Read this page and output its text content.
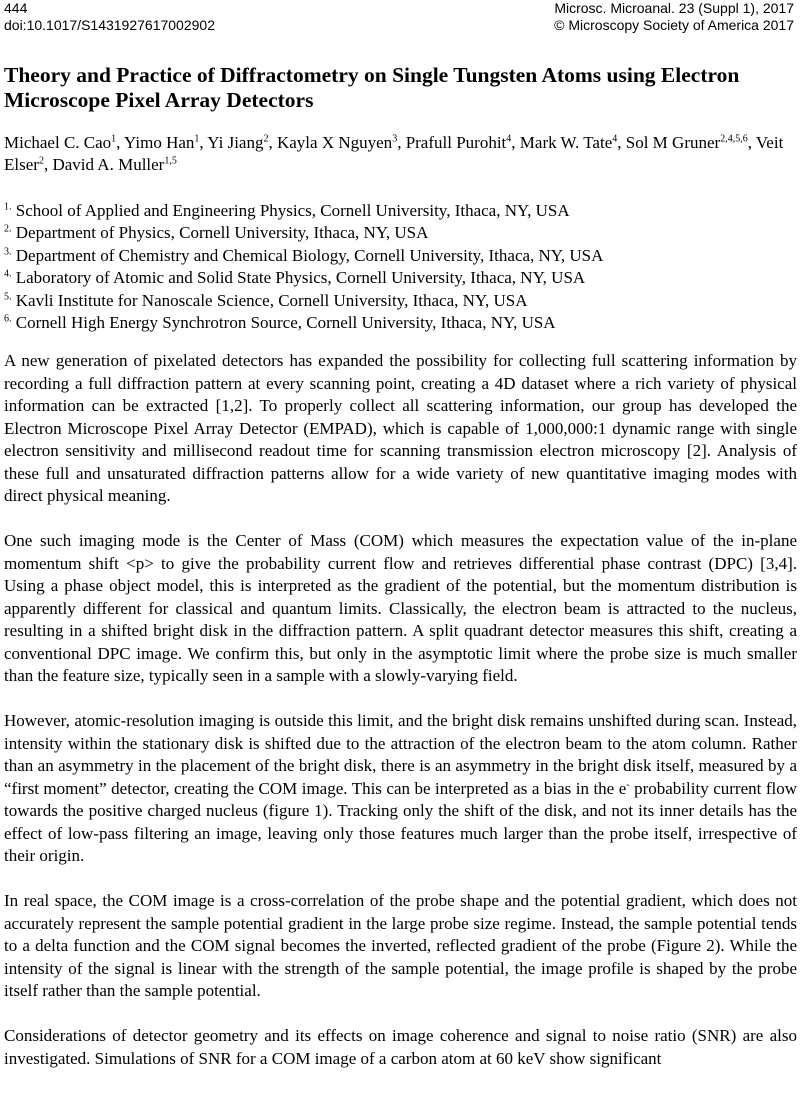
444
doi:10.1017/S1431927617002902
Microsc. Microanal. 23 (Suppl 1), 2017
© Microscopy Society of America 2017
Theory and Practice of Diffractometry on Single Tungsten Atoms using Electron Microscope Pixel Array Detectors
Michael C. Cao$^1$, Yimo Han$^1$, Yi Jiang$^2$, Kayla X Nguyen$^3$, Prafull Purohit$^4$, Mark W. Tate$^4$, Sol M Gruner$^{2,4,5,6}$, Veit Elser$^2$, David A. Muller$^{1,5}$
$^{1.}$ School of Applied and Engineering Physics, Cornell University, Ithaca, NY, USA
$^{2.}$ Department of Physics, Cornell University, Ithaca, NY, USA
$^{3.}$ Department of Chemistry and Chemical Biology, Cornell University, Ithaca, NY, USA
$^{4.}$ Laboratory of Atomic and Solid State Physics, Cornell University, Ithaca, NY, USA
$^{5.}$ Kavli Institute for Nanoscale Science, Cornell University, Ithaca, NY, USA
$^{6.}$ Cornell High Energy Synchrotron Source, Cornell University, Ithaca, NY, USA

A new generation of pixelated detectors has expanded the possibility for collecting full scattering information by recording a full diffraction pattern at every scanning point, creating a 4D dataset where a rich variety of physical information can be extracted [1,2]. To properly collect all scattering information, our group has developed the Electron Microscope Pixel Array Detector (EMPAD), which is capable of 1,000,000:1 dynamic range with single electron sensitivity and millisecond readout time for scanning transmission electron microscopy [2]. Analysis of these full and unsaturated diffraction patterns allow for a wide variety of new quantitative imaging modes with direct physical meaning.

One such imaging mode is the Center of Mass (COM) which measures the expectation value of the in-plane momentum shift <p> to give the probability current flow and retrieves differential phase contrast (DPC) [3,4]. Using a phase object model, this is interpreted as the gradient of the potential, but the momentum distribution is apparently different for classical and quantum limits. Classically, the electron beam is attracted to the nucleus, resulting in a shifted bright disk in the diffraction pattern. A split quadrant detector measures this shift, creating a conventional DPC image. We confirm this, but only in the asymptotic limit where the probe size is much smaller than the feature size, typically seen in a sample with a slowly-varying field.

However, atomic-resolution imaging is outside this limit, and the bright disk remains unshifted during scan. Instead, intensity within the stationary disk is shifted due to the attraction of the electron beam to the atom column. Rather than an asymmetry in the placement of the bright disk, there is an asymmetry in the bright disk itself, measured by a “first moment” detector, creating the COM image. This can be interpreted as a bias in the e- probability current flow towards the positive charged nucleus (figure 1). Tracking only the shift of the disk, and not its inner details has the effect of low-pass filtering an image, leaving only those features much larger than the probe itself, irrespective of their origin.

In real space, the COM image is a cross-correlation of the probe shape and the potential gradient, which does not accurately represent the sample potential gradient in the large probe size regime. Instead, the sample potential tends to a delta function and the COM signal becomes the inverted, reflected gradient of the probe (Figure 2). While the intensity of the signal is linear with the strength of the sample potential, the image profile is shaped by the probe itself rather than the sample potential.

Considerations of detector geometry and its effects on image coherence and signal to noise ratio (SNR) are also investigated. Simulations of SNR for a COM image of a carbon atom at 60 keV show significant
